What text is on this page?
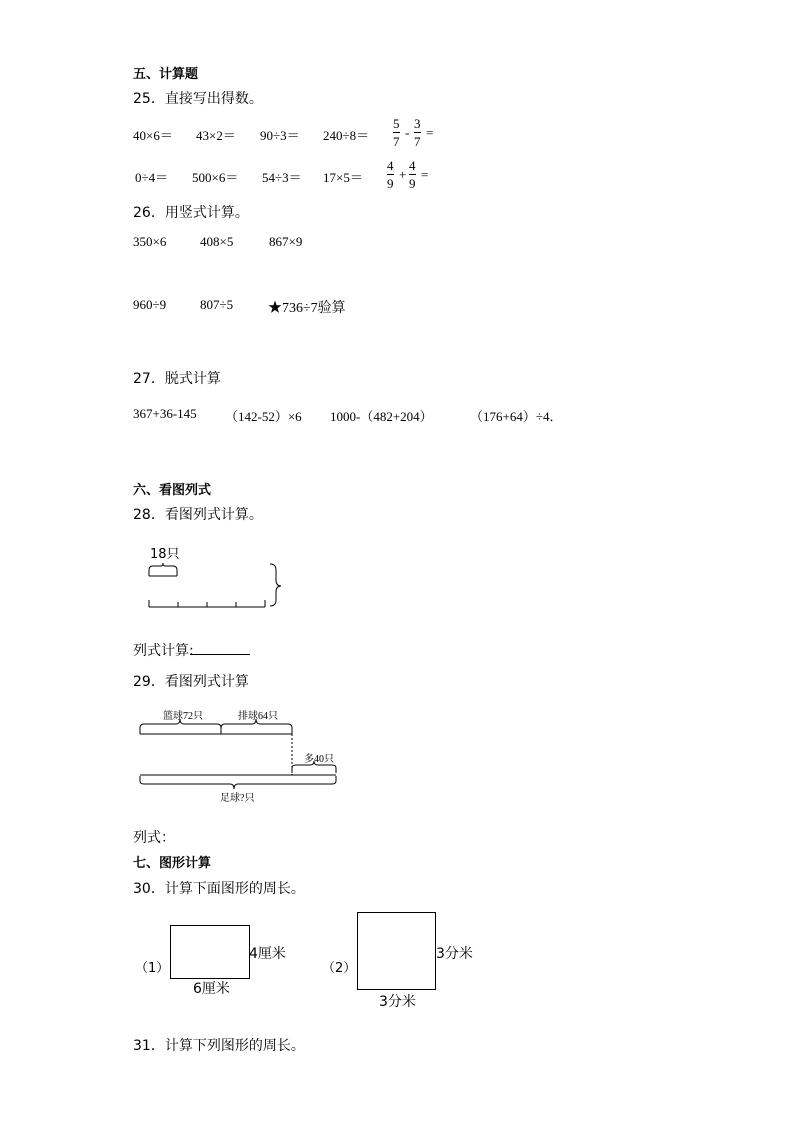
五、计算题
25．直接写出得数。
40×6＝ 43×2＝ 90÷3＝ 240÷8＝
5
7
-
3
7
=
0÷4＝ 500×6＝ 54÷3＝ 17×5＝
4
9
+
4
9
=
26．用竖式计算。
350×6	408×5	867×9
960÷9	807÷5 ★736÷7验算
27．脱式计算
367+36-145 （142-52）×6 1000-（482+204）	（176+64）÷4．
六、看图列式
28．看图列式计算。
18只
列式计算:
29．看图列式计算
篮球72只	排球64只
多40只
足球?只
列式：
七、图形计算
30．计算下面图形的周长。
（1）
4厘米
6厘米
（2）
3分米
3分米
31．计算下列图形的周长。
